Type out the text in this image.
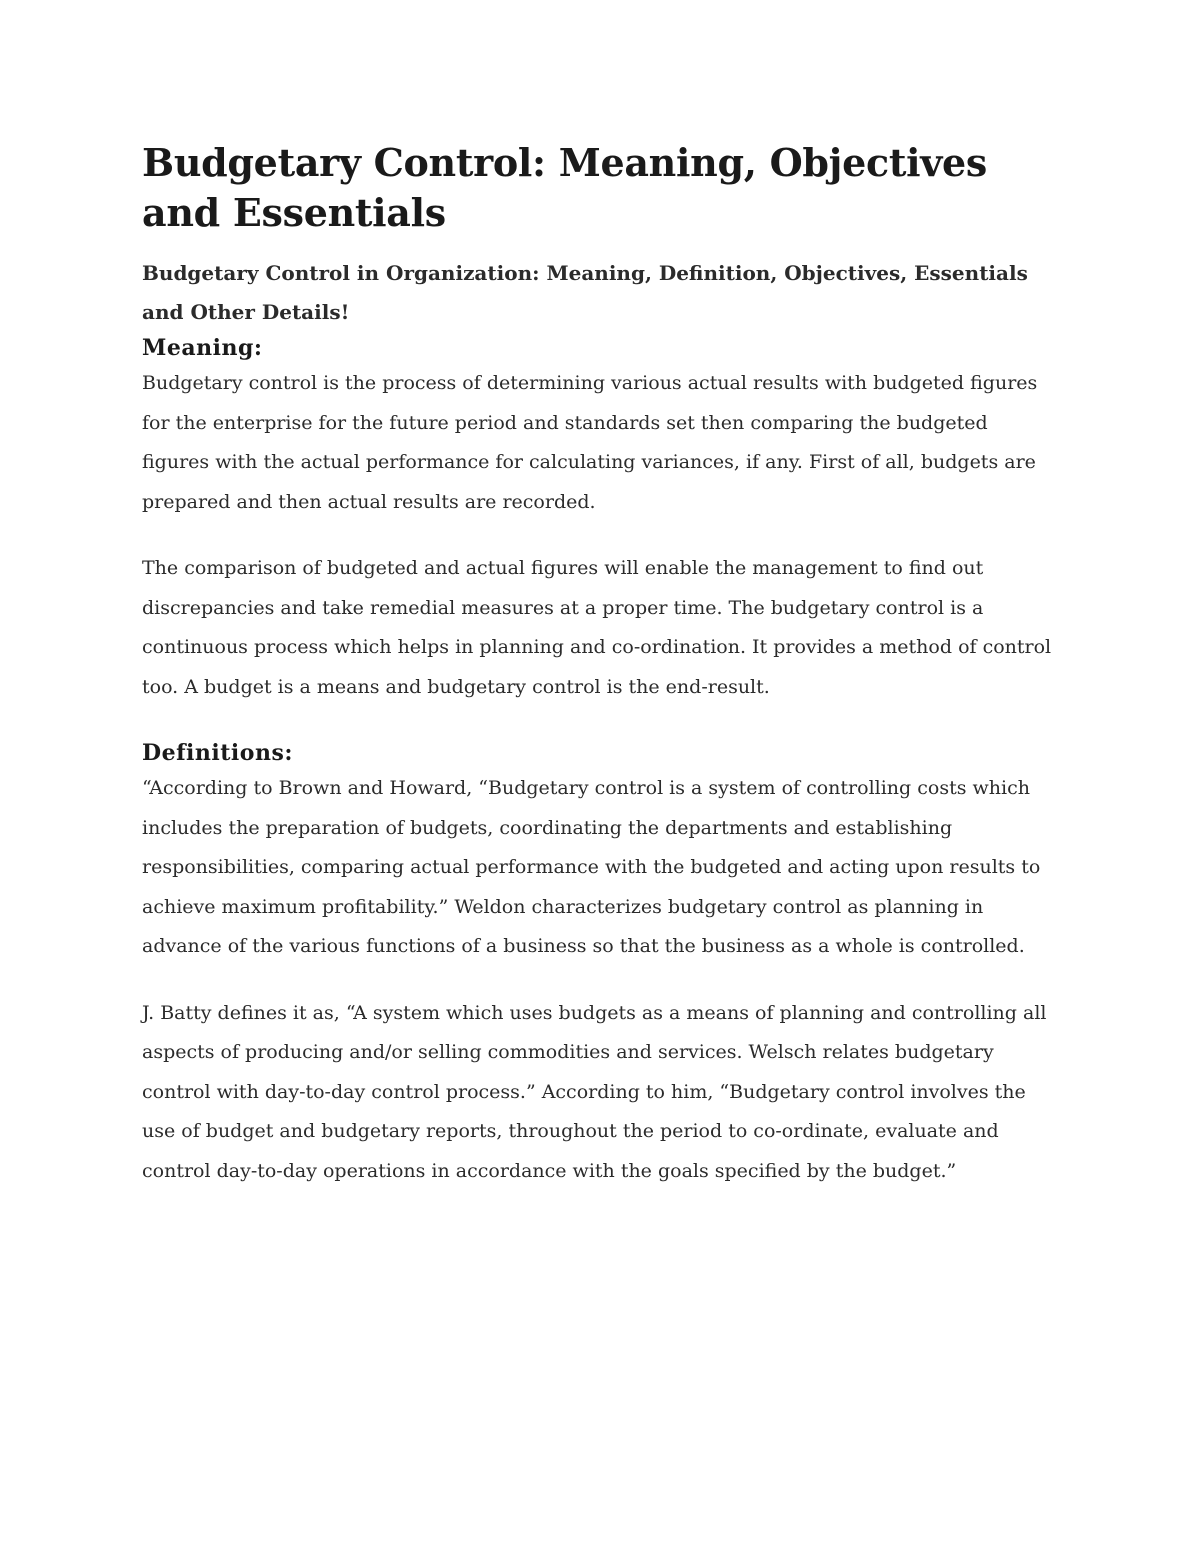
Budgetary Control: Meaning, Objectives and Essentials

Budgetary Control in Organization: Meaning, Definition, Objectives, Essentials and Other Details!

Meaning:

Budgetary control is the process of determining various actual results with budgeted figures for the enterprise for the future period and standards set then comparing the budgeted figures with the actual performance for calculating variances, if any. First of all, budgets are prepared and then actual results are recorded.

The comparison of budgeted and actual figures will enable the management to find out discrepancies and take remedial measures at a proper time. The budgetary control is a continuous process which helps in planning and co-ordination. It provides a method of control too. A budget is a means and budgetary control is the end-result.

Definitions:

“According to Brown and Howard, “Budgetary control is a system of controlling costs which includes the preparation of budgets, coordinating the departments and establishing responsibilities, comparing actual performance with the budgeted and acting upon results to achieve maximum profitability.” Weldon characterizes budgetary control as planning in advance of the various functions of a business so that the business as a whole is controlled.

J. Batty defines it as, “A system which uses budgets as a means of planning and controlling all aspects of producing and/or selling commodities and services. Welsch relates budgetary control with day-to-day control process.” According to him, “Budgetary control involves the use of budget and budgetary reports, throughout the period to co-ordinate, evaluate and control day-to-day operations in accordance with the goals specified by the budget.”
